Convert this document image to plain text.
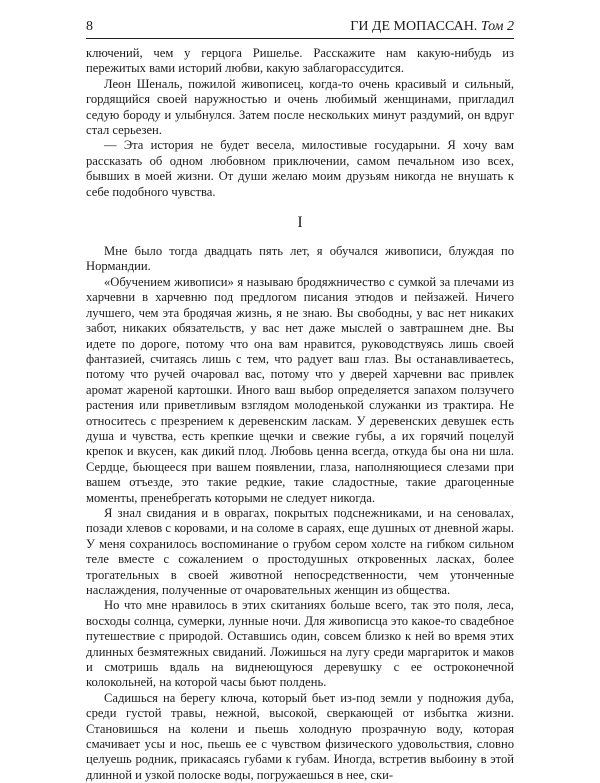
8	ГИ ДЕ МОПАССАН. Том 2

ключений, чем у герцога Ришелье. Расскажите нам какую-нибудь из пережитых вами историй любви, какую заблагорассудится.

Леон Шеналь, пожилой живописец, когда-то очень красивый и сильный, гордящийся своей наружностью и очень любимый женщинами, пригладил седую бороду и улыбнулся. Затем после нескольких минут раздумий, он вдруг стал серьезен.

— Эта история не будет весела, милостивые государыни. Я хочу вам рассказать об одном любовном приключении, самом печальном изо всех, бывших в моей жизни. От души желаю моим друзьям никогда не внушать к себе подобного чувства.

I

Мне было тогда двадцать пять лет, я обучался живописи, блуждая по Нормандии.

«Обучением живописи» я называю бродяжничество с сумкой за плечами из харчевни в харчевню под предлогом писания этюдов и пейзажей. Ничего лучшего, чем эта бродячая жизнь, я не знаю. Вы свободны, у вас нет никаких забот, никаких обязательств, у вас нет даже мыслей о завтрашнем дне. Вы идете по дороге, потому что она вам нравится, руководствуясь лишь своей фантазией, считаясь лишь с тем, что радует ваш глаз. Вы останавливаетесь, потому что ручей очаровал вас, потому что у дверей харчевни вас привлек аромат жареной картошки. Иного ваш выбор определяется запахом ползучего растения или приветливым взглядом молоденькой служанки из трактира. Не относитесь с презрением к деревенским ласкам. У деревенских девушек есть душа и чувства, есть крепкие щечки и свежие губы, а их горячий поцелуй крепок и вкусен, как дикий плод. Любовь ценна всегда, откуда бы она ни шла. Сердце, бьющееся при вашем появлении, глаза, наполняющиеся слезами при вашем отъезде, это такие редкие, такие сладостные, такие драгоценные моменты, пренебрегать которыми не следует никогда.

Я знал свидания и в оврагах, покрытых подснежниками, и на сеновалах, позади хлевов с коровами, и на соломе в сараях, еще душных от дневной жары. У меня сохранилось воспоминание о грубом сером холсте на гибком сильном теле вместе с сожалением о простодушных откровенных ласках, более трогательных в своей животной непосредственности, чем утонченные наслаждения, полученные от очаровательных женщин из общества.

Но что мне нравилось в этих скитаниях больше всего, так это поля, леса, восходы солнца, сумерки, лунные ночи. Для живописца это какое-то свадебное путешествие с природой. Оставшись один, совсем близко к ней во время этих длинных безмятежных свиданий. Ложишься на лугу среди маргариток и маков и смотришь вдаль на виднеющуюся деревушку с ее остроконечной колокольней, на которой часы бьют полдень.

Садишься на берегу ключа, который бьет из-под земли у подножия дуба, среди густой травы, нежной, высокой, сверкающей от избытка жизни. Становишься на колени и пьешь холодную прозрачную воду, которая смачивает усы и нос, пьешь ее с чувством физического удовольствия, словно целуешь родник, прикасаясь губами к губам. Иногда, встретив выбоину в этой длинной и узкой полоске воды, погружаешься в нее, ски-
